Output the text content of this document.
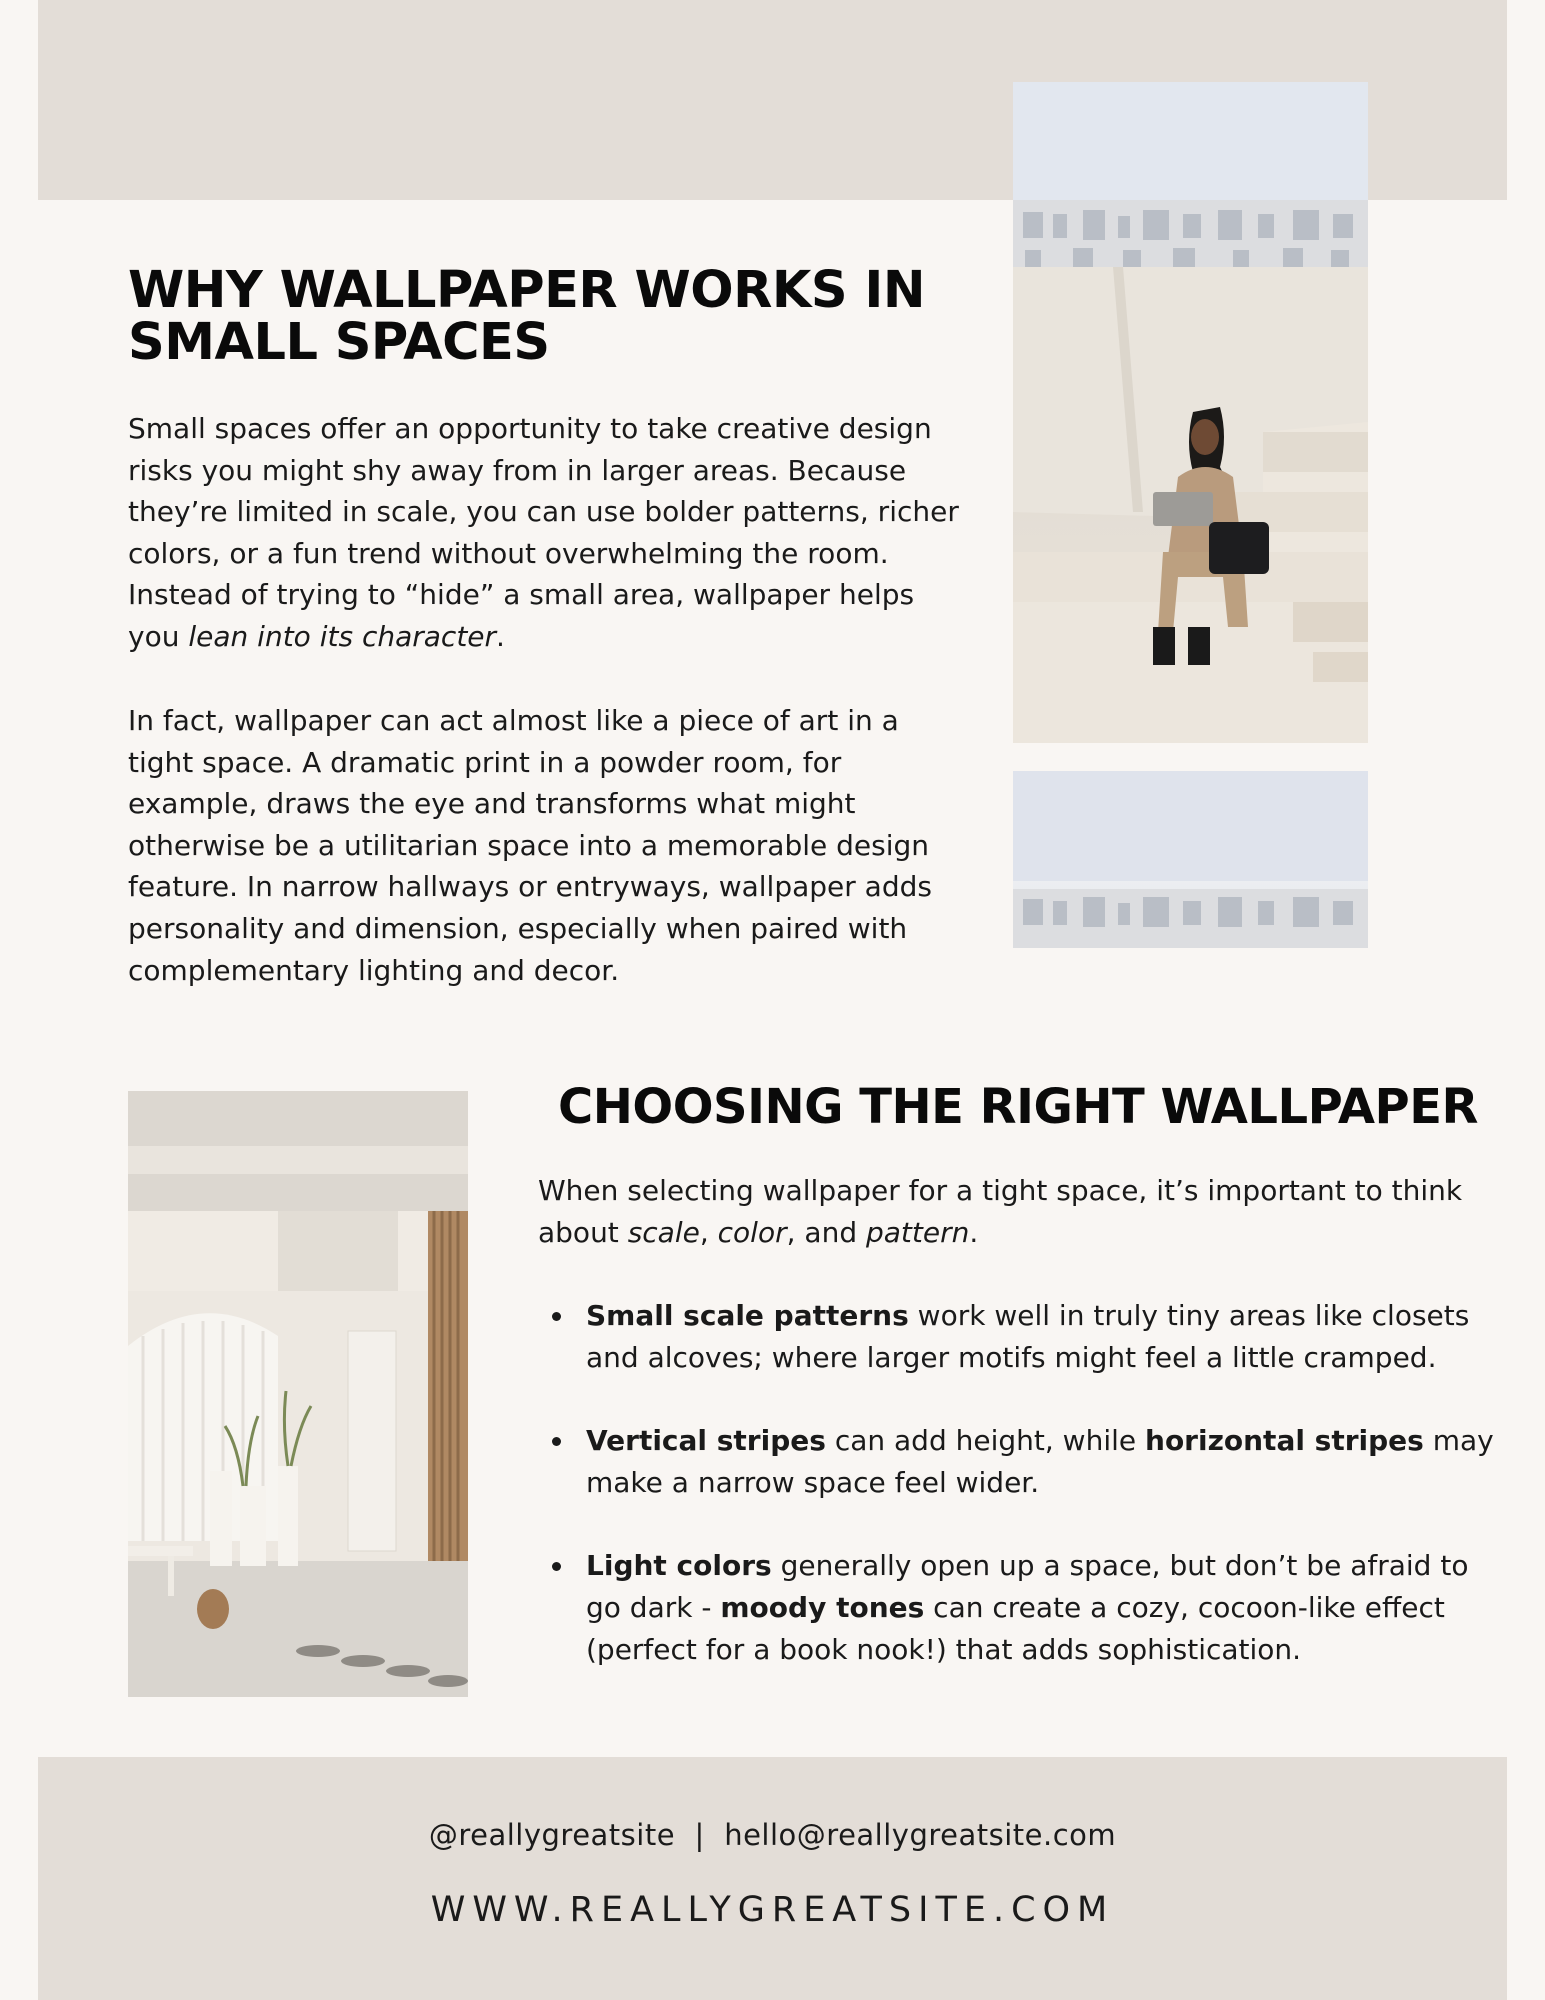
WHY WALLPAPER WORKS IN SMALL SPACES

Small spaces offer an opportunity to take creative design risks you might shy away from in larger areas. Because they’re limited in scale, you can use bolder patterns, richer colors, or a fun trend without overwhelming the room. Instead of trying to “hide” a small area, wallpaper helps you lean into its character.

In fact, wallpaper can act almost like a piece of art in a tight space. A dramatic print in a powder room, for example, draws the eye and transforms what might otherwise be a utilitarian space into a memorable design feature. In narrow hallways or entryways, wallpaper adds personality and dimension, especially when paired with complementary lighting and decor.

CHOOSING THE RIGHT WALLPAPER

When selecting wallpaper for a tight space, it’s important to think about scale, color, and pattern.

Small scale patterns work well in truly tiny areas like closets and alcoves; where larger motifs might feel a little cramped.
Vertical stripes can add height, while horizontal stripes may make a narrow space feel wider.
Light colors generally open up a space, but don’t be afraid to go dark - moody tones can create a cozy, cocoon-like effect (perfect for a book nook!) that adds sophistication.
@reallygreatsite  |  hello@reallygreatsite.com
WWW.REALLYGREATSITE.COM
